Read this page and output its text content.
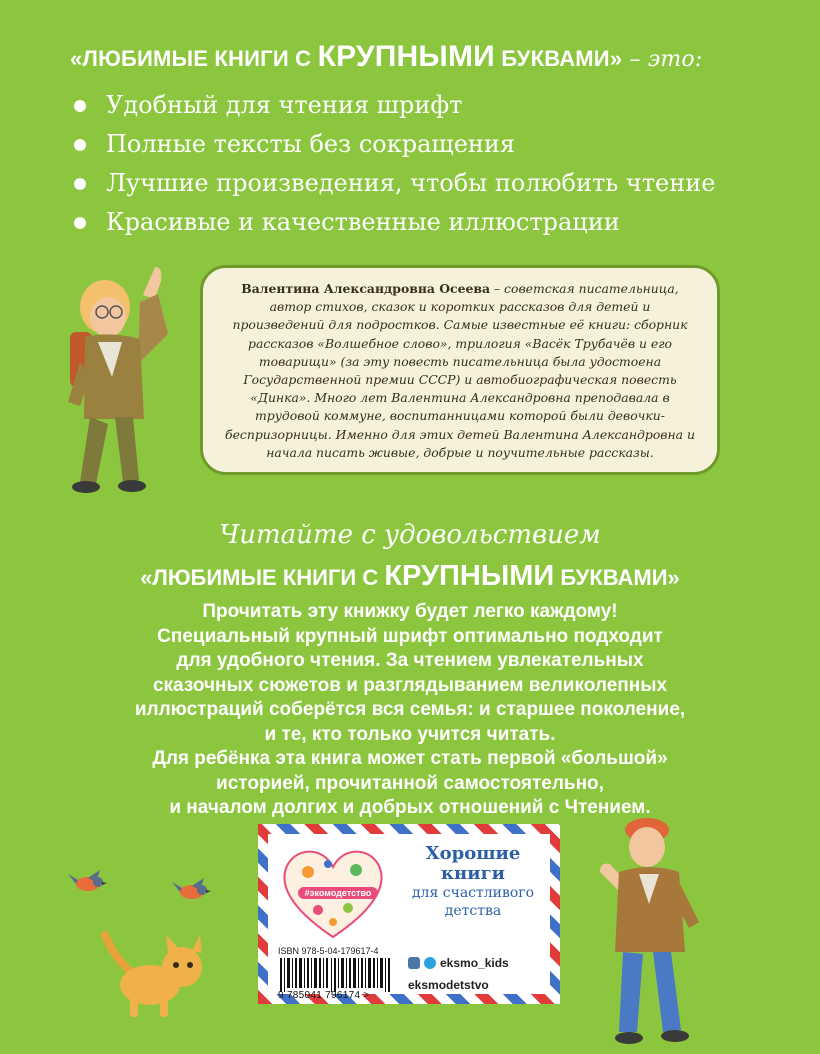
«ЛЮБИМЫЕ КНИГИ С КРУПНЫМИ БУКВАМИ» – это:
Удобный для чтения шрифт
Полные тексты без сокращения
Лучшие произведения, чтобы полюбить чтение
Красивые и качественные иллюстрации
Валентина Александровна Осеева – советская писательница, автор стихов, сказок и коротких рассказов для детей и произведений для подростков. Самые известные её книги: сборник рассказов «Волшебное слово», трилогия «Васёк Трубачёв и его товарищи» (за эту повесть писательница была удостоена Государственной премии СССР) и автобиографическая повесть «Динка». Много лет Валентина Александровна преподавала в трудовой коммуне, воспитанницами которой были девочки-беспризорницы. Именно для этих детей Валентина Александровна и начала писать живые, добрые и поучительные рассказы.
Читайте с удовольствием
«ЛЮБИМЫЕ КНИГИ С КРУПНЫМИ БУКВАМИ»
Прочитать эту книжку будет легко каждому!
Специальный крупный шрифт оптимально подходит
для удобного чтения. За чтением увлекательных
сказочных сюжетов и разглядыванием великолепных
иллюстраций соберётся вся семья: и старшее поколение,
и те, кто только учится читать.
Для ребёнка эта книга может стать первой «большой»
историей, прочитанной самостоятельно,
и началом долгих и добрых отношений с Чтением.
#экомодетство
ISBN 978-5-04-179617-4
9 785041 796174 >
Хорошие
книги
для счастливого
детства
eksmo_kids
eksmodetstvo
